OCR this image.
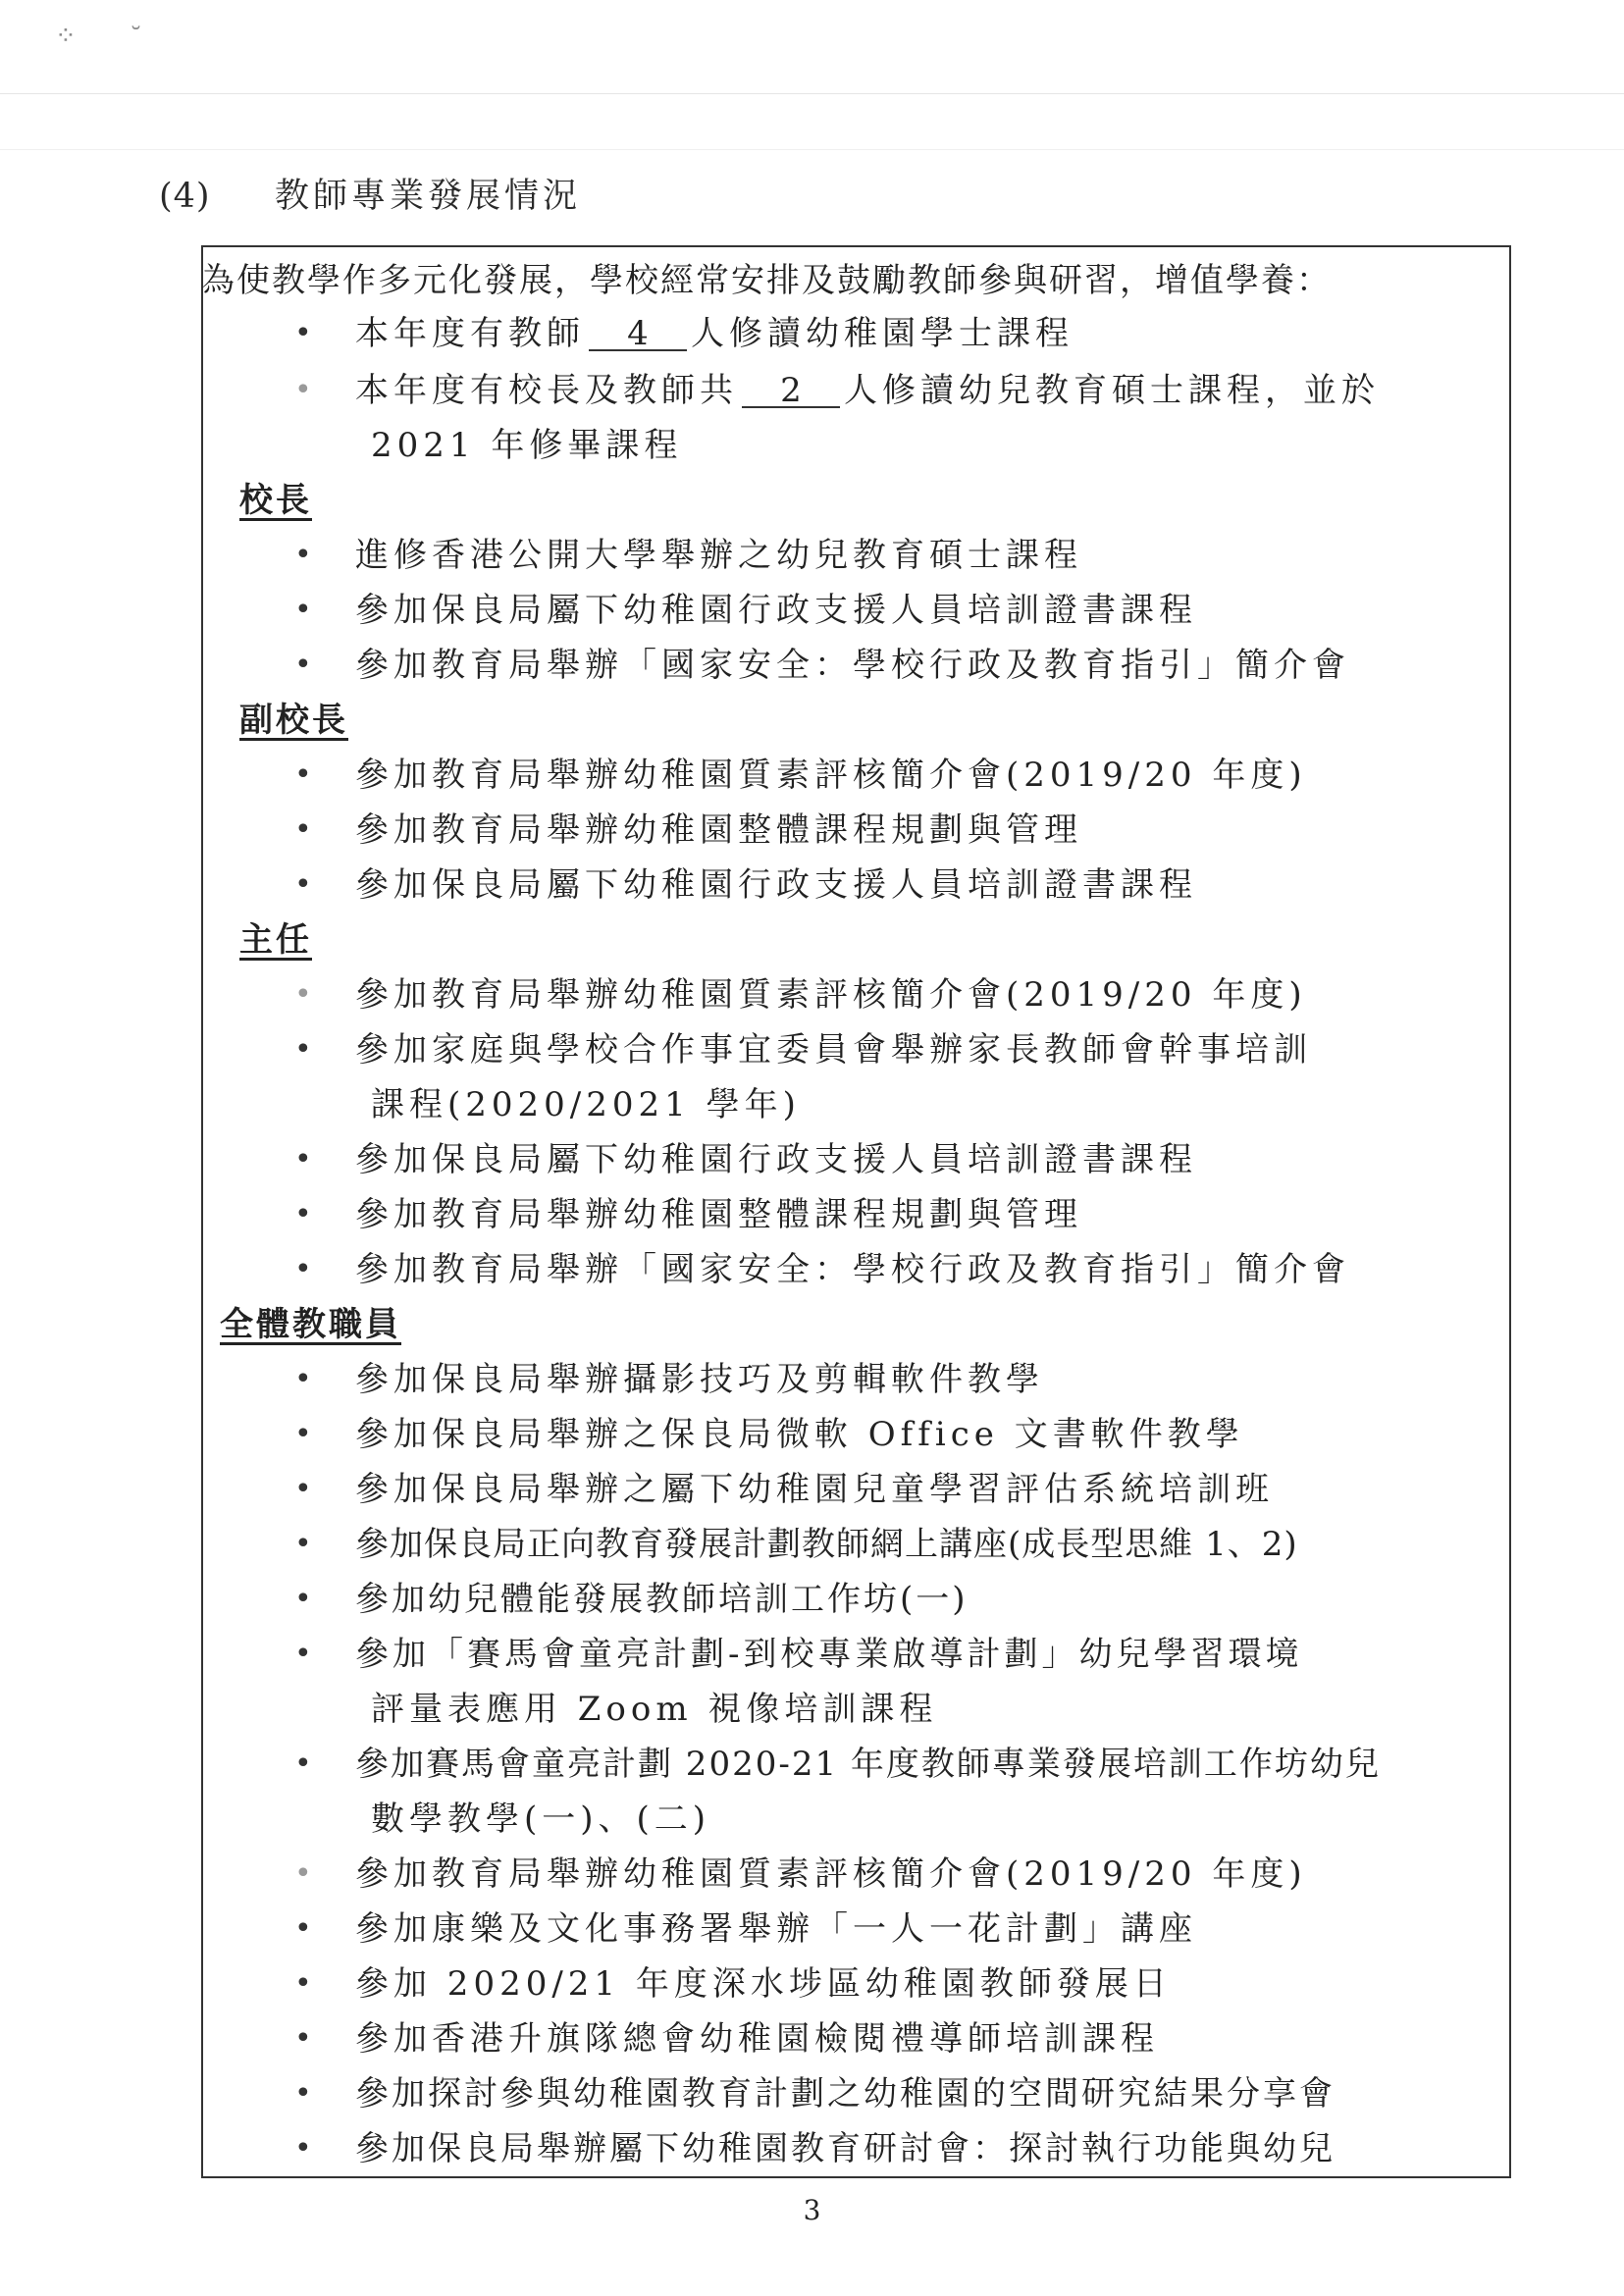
⁘ ˘
(4) 教師專業發展情況
為使教學作多元化發展，學校經常安排及鼓勵教師參與研習，增值學養：
• 本年度有教師 4 人修讀幼稚園學士課程
• 本年度有校長及教師共 2 人修讀幼兒教育碩士課程，並於
2021 年修畢課程
校長
• 進修香港公開大學舉辦之幼兒教育碩士課程
• 參加保良局屬下幼稚園行政支援人員培訓證書課程
• 參加教育局舉辦「國家安全：學校行政及教育指引」簡介會
副校長
• 參加教育局舉辦幼稚園質素評核簡介會(2019/20 年度)
• 參加教育局舉辦幼稚園整體課程規劃與管理
• 參加保良局屬下幼稚園行政支援人員培訓證書課程
主任
• 參加教育局舉辦幼稚園質素評核簡介會(2019/20 年度)
• 參加家庭與學校合作事宜委員會舉辦家長教師會幹事培訓
課程(2020/2021 學年)
• 參加保良局屬下幼稚園行政支援人員培訓證書課程
• 參加教育局舉辦幼稚園整體課程規劃與管理
• 參加教育局舉辦「國家安全：學校行政及教育指引」簡介會
全體教職員
• 參加保良局舉辦攝影技巧及剪輯軟件教學
• 參加保良局舉辦之保良局微軟 Office 文書軟件教學
• 參加保良局舉辦之屬下幼稚園兒童學習評估系統培訓班
• 參加保良局正向教育發展計劃教師網上講座(成長型思維 1、2)
• 參加幼兒體能發展教師培訓工作坊(一)
• 參加「賽馬會童亮計劃-到校專業啟導計劃」幼兒學習環境
評量表應用 Zoom 視像培訓課程
• 參加賽馬會童亮計劃 2020-21 年度教師專業發展培訓工作坊幼兒
數學教學(一)、(二)
• 參加教育局舉辦幼稚園質素評核簡介會(2019/20 年度)
• 參加康樂及文化事務署舉辦「一人一花計劃」講座
• 參加 2020/21 年度深水埗區幼稚園教師發展日
• 參加香港升旗隊總會幼稚園檢閱禮導師培訓課程
• 參加探討參與幼稚園教育計劃之幼稚園的空間研究結果分享會
• 參加保良局舉辦屬下幼稚園教育研討會：探討執行功能與幼兒
3
